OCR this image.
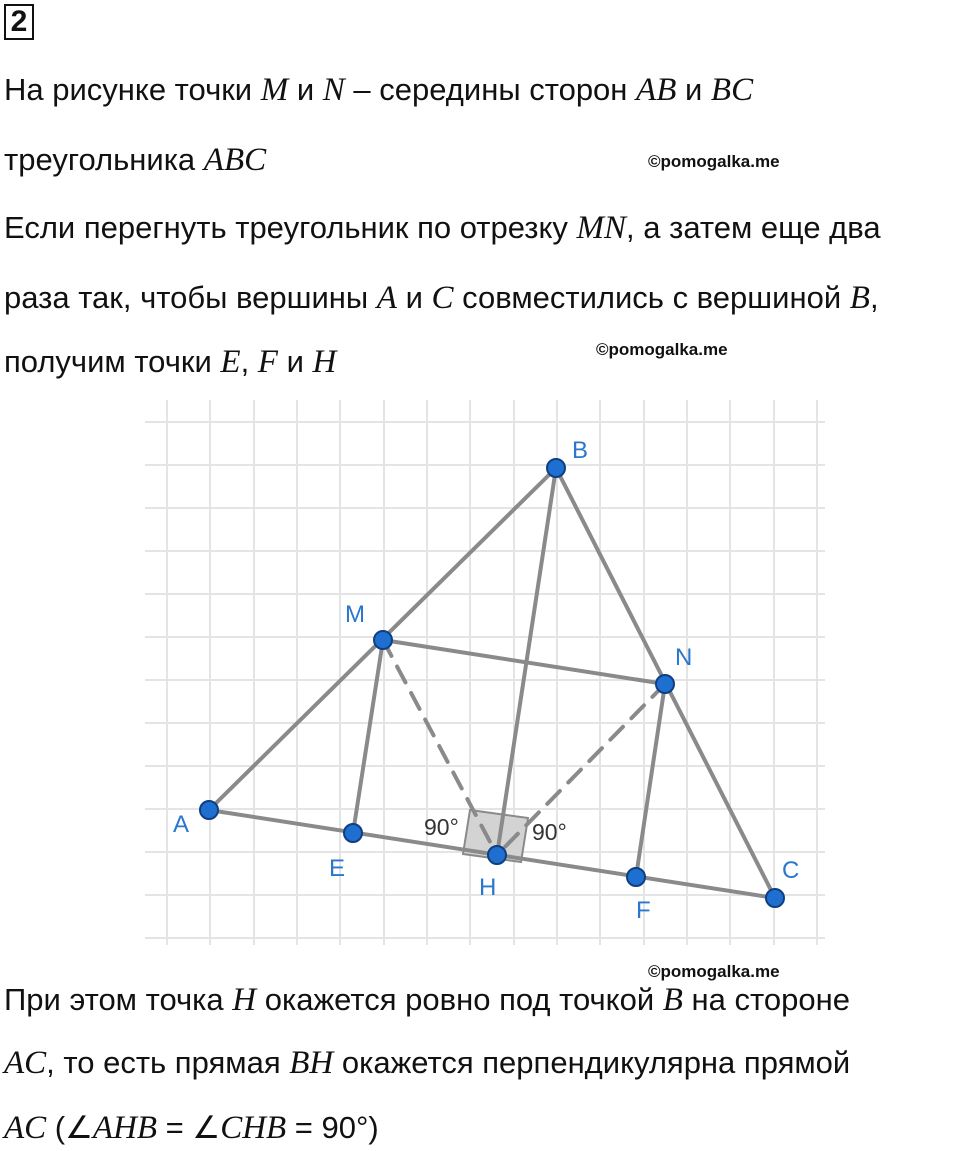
2
На рисунке точки M и N – середины сторон AB и BC
треугольника ABC	©pomogalka.me
Если перегнуть треугольник по отрезку MN, а затем еще два
раза так, чтобы вершины A и C совместились с вершиной B,
получим точки E, F и H	©pomogalka.me
A
B
C
M
N
E
F
H
90°	90°
©pomogalka.me
При этом точка H окажется ровно под точкой B на стороне
AC, то есть прямая BH окажется перпендикулярна прямой
AC (∠AHB = ∠CHB = 90°)
